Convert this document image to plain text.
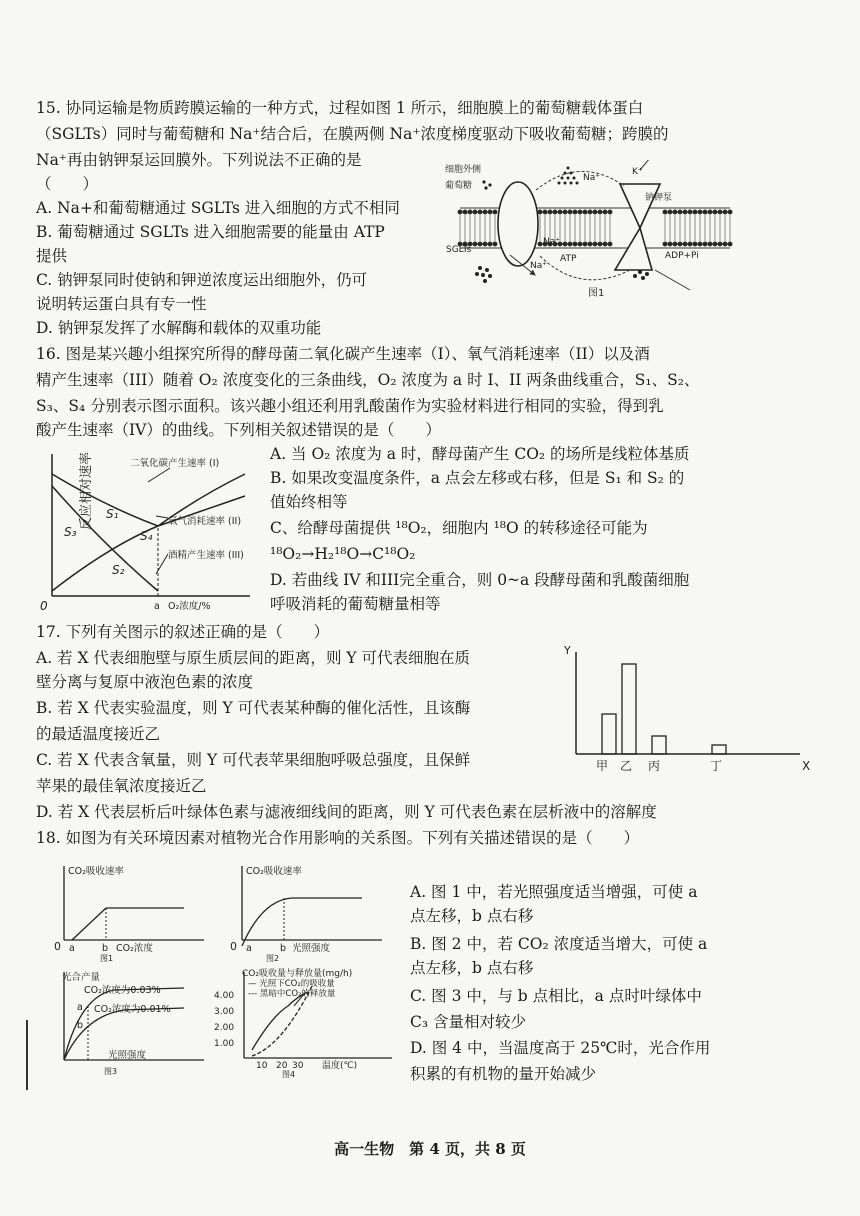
15. 协同运输是物质跨膜运输的一种方式，过程如图 1 所示，细胞膜上的葡萄糖载体蛋白
（SGLTs）同时与葡萄糖和 Na⁺结合后，在膜两侧 Na⁺浓度梯度驱动下吸收葡萄糖；跨膜的
Na⁺再由钠钾泵运回膜外。下列说法不正确的是
（　　）
A. Na+和葡萄糖通过 SGLTs 进入细胞的方式不相同
B. 葡萄糖通过 SGLTs 进入细胞需要的能量由 ATP
提供
C. 钠钾泵同时使钠和钾逆浓度运出细胞外，仍可
说明转运蛋白具有专一性
D. 钠钾泵发挥了水解酶和载体的双重功能
细胞外侧
葡萄糖
Na⁺
K⁺
钠钾泵
SGLTs
Na⁺
ATP
Na⁺
ADP+Pi
图1
16. 图是某兴趣小组探究所得的酵母菌二氧化碳产生速率（I）、氧气消耗速率（II）以及酒
精产生速率（III）随着 O₂ 浓度变化的三条曲线，O₂ 浓度为 a 时 I、II 两条曲线重合，S₁、S₂、
S₃、S₄ 分别表示图示面积。该兴趣小组还利用乳酸菌作为实验材料进行相同的实验，得到乳
酸产生速率（IV）的曲线。下列相关叙述错误的是（　　）
A. 当 O₂ 浓度为 a 时，酵母菌产生 CO₂ 的场所是线粒体基质
B. 如果改变温度条件，a 点会左移或右移，但是 S₁ 和 S₂ 的
值始终相等
C、给酵母菌提供 ¹⁸O₂，细胞内 ¹⁸O 的转移途径可能为
¹⁸O₂→H₂¹⁸O→C¹⁸O₂
D. 若曲线 IV 和III完全重合，则 0~a 段酵母菌和乳酸菌细胞
呼吸消耗的葡萄糖量相等
反应相对速率	二氧化碳产生速率 (I)
氧气消耗速率 (II)
酒精产生速率 (III)
S₁
S₂
S₃	S₄
0	a O₂浓度/%
17. 下列有关图示的叙述正确的是（　　）
A. 若 X 代表细胞壁与原生质层间的距离，则 Y 可代表细胞在质
壁分离与复原中液泡色素的浓度
B. 若 X 代表实验温度，则 Y 可代表某种酶的催化活性，且该酶
的最适温度接近乙
C. 若 X 代表含氧量，则 Y 可代表苹果细胞呼吸总强度，且保鲜
苹果的最佳氧浓度接近乙
D. 若 X 代表层析后叶绿体色素与滤液细线间的距离，则 Y 可代表色素在层析液中的溶解度
Y
X
甲 乙 丙	丁
18. 如图为有关环境因素对植物光合作用影响的关系图。下列有关描述错误的是（　　）
A. 图 1 中，若光照强度适当增强，可使 a
点左移，b 点右移
B. 图 2 中，若 CO₂ 浓度适当增大，可使 a
点左移，b 点右移
C. 图 3 中，与 b 点相比，a 点时叶绿体中
C₃ 含量相对较少
D. 图 4 中，当温度高于 25℃时，光合作用
积累的有机物的量开始减少
CO₂吸收速率
0 a	b CO₂浓度
图1
CO₂吸收速率
0 a	b 光照强度
图2
光合产量
CO₂浓度为0.03%
CO₂浓度为0.01%
a
b
光照强度
图3
4.00
3.00
2.00
1.00
10 20 30
CO₂吸收量与释放量(mg/h)
— 光照下CO₂的吸收量
--- 黑暗中CO₂的释放量
温度(℃)
图4
高一生物　第 4 页，共 8 页
